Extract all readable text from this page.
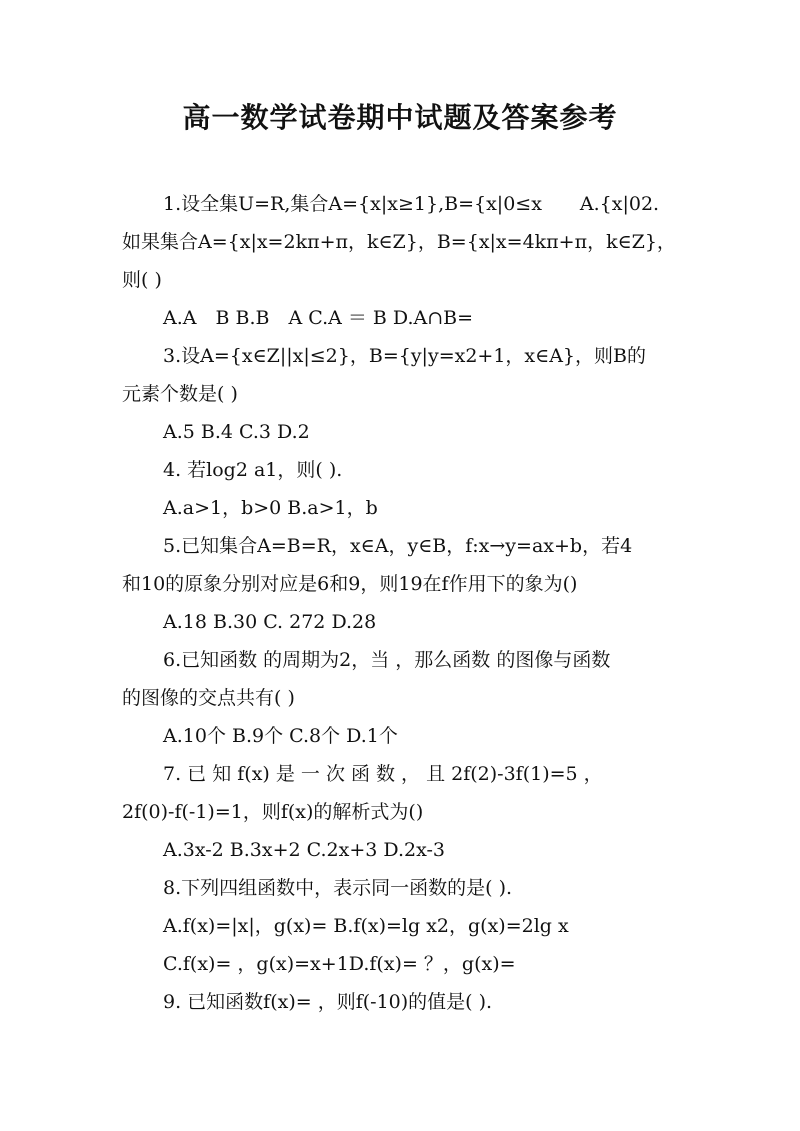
高一数学试卷期中试题及答案参考
1.设全集U=R,集合A={x|x≥1},B={x|0≤x　　A.{x|02.
如果集合A={x|x=2kπ+π，k∈Z}，B={x|x=4kπ+π，k∈Z}，
则( )
A.A　B B.B　A C.A ＝ B D.A∩B=
3.设A={x∈Z||x|≤2}，B={y|y=x2+1，x∈A}，则B的
元素个数是( )
A.5 B.4 C.3 D.2
4. 若log2 a1，则( ).
A.a>1，b>0 B.a>1，b
5.已知集合A=B=R，x∈A，y∈B，f:x→y=ax+b，若4
和10的原象分别对应是6和9，则19在f作用下的象为()
A.18 B.30 C. 272 D.28
6.已知函数 的周期为2，当 ，那么函数 的图像与函数
的图像的交点共有( )
A.10个 B.9个 C.8个 D.1个
7. 已 知 f(x) 是 一 次 函 数 ， 且 2f(2)-3f(1)=5 ，
2f(0)-f(-1)=1，则f(x)的解析式为()
A.3x-2 B.3x+2 C.2x+3 D.2x-3
8.下列四组函数中，表示同一函数的是( ).
A.f(x)=|x|，g(x)= B.f(x)=lg x2，g(x)=2lg x
C.f(x)= ，g(x)=x+1D.f(x)= ？，g(x)=
9. 已知函数f(x)= ，则f(-10)的值是( ).
